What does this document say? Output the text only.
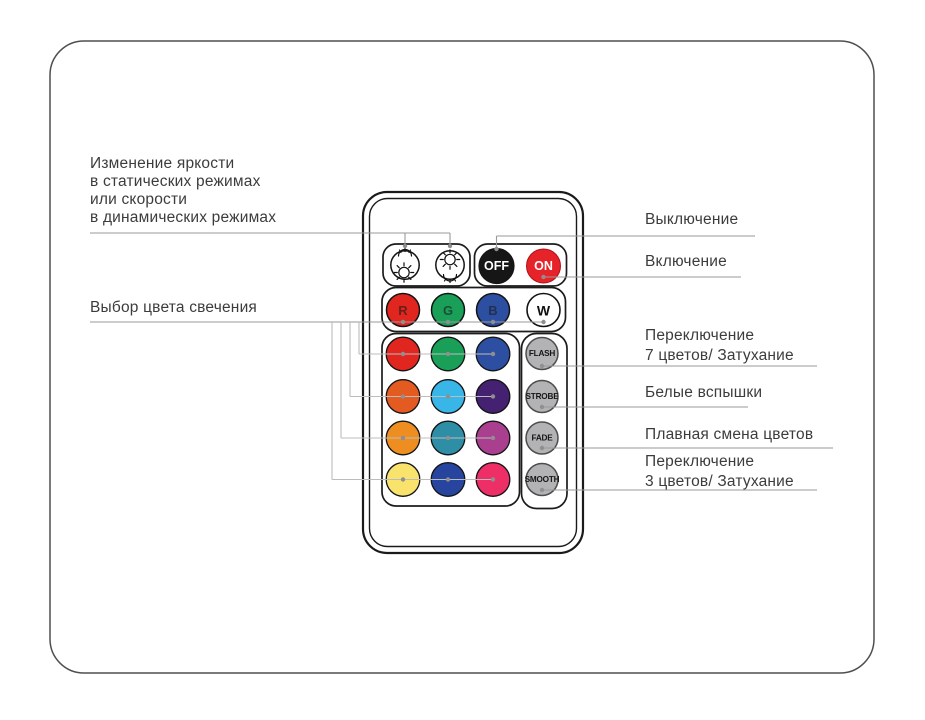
OFF ON
R	G	B	W
FLASH
STROBE
FADE
SMOOTH
Изменение яркости
в статических режимах
или скорости
в динамических режимах
Выбор цвета свечения
Выключение
Включение
Переключение
7 цветов/ Затухание
Белые вспышки
Плавная смена цветов
Переключение
3 цветов/ Затухание
